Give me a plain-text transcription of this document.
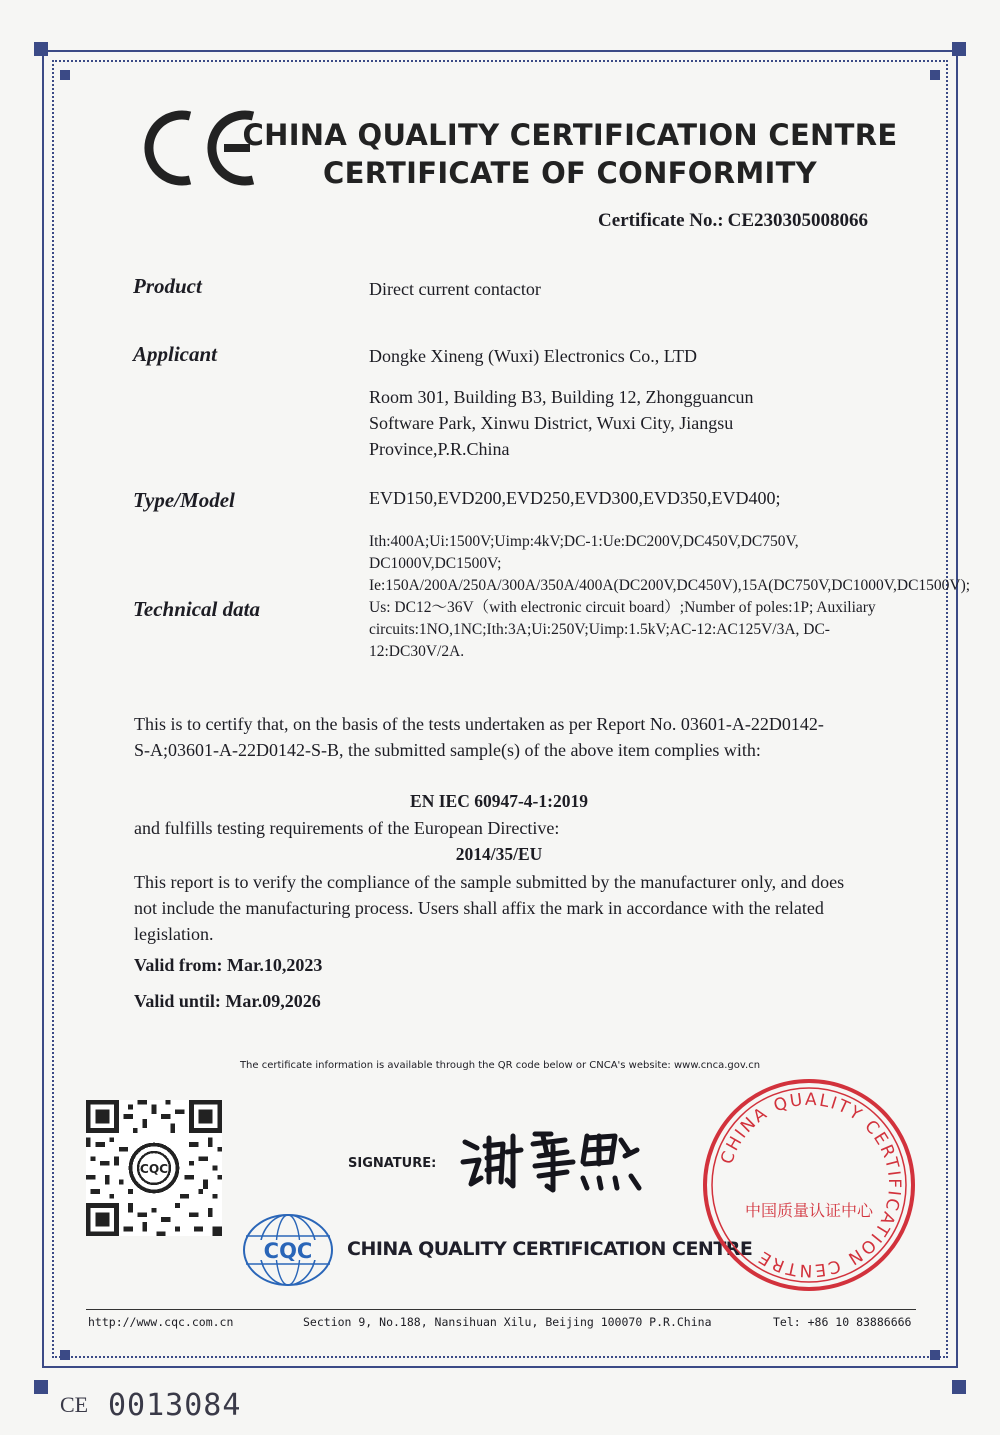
CHINA QUALITY CERTIFICATION CENTRE
CERTIFICATE OF CONFORMITY
Certificate No.: CE230305008066
Product	Direct current contactor
Applicant	Dongke Xineng (Wuxi) Electronics Co., LTD
Room 301, Building B3, Building 12, Zhongguancun Software Park, Xinwu District, Wuxi City, Jiangsu Province,P.R.China
Type/Model	EVD150,EVD200,EVD250,EVD300,EVD350,EVD400;
Technical data
Ith:400A;Ui:1500V;Uimp:4kV;DC-1:Ue:DC200V,DC450V,DC750V, DC1000V,DC1500V; Ie:150A/200A/250A/300A/350A/400A(DC200V,DC450V),15A(DC750V,DC1000V,DC1500V); Us: DC12～36V（with electronic circuit board）;Number of poles:1P; Auxiliary circuits:1NO,1NC;Ith:3A;Ui:250V;Uimp:1.5kV;AC-12:AC125V/3A, DC-12:DC30V/2A.
This is to certify that, on the basis of the tests undertaken as per Report No. 03601-A-22D0142-S-A;03601-A-22D0142-S-B, the submitted sample(s) of the above item complies with:
EN IEC 60947-4-1:2019
and fulfills testing requirements of the European Directive:
2014/35/EU
This report is to verify the compliance of the sample submitted by the manufacturer only, and does not include the manufacturing process. Users shall affix the mark in accordance with the related legislation.
Valid from: Mar.10,2023
Valid until: Mar.09,2026
The certificate information is available through the QR code below or CNCA's website: www.cnca.gov.cn
CQC	SIGNATURE:
CQC CHINA QUALITY CERTIFICATION CENTRE
CHINA QUALITY CERTIFICATION CENTRE
中国质量认证中心
http://www.cqc.com.cn	Section 9, No.188, Nansihuan Xilu, Beijing 100070 P.R.China	Tel: +86 10 83886666
CE 0013084
